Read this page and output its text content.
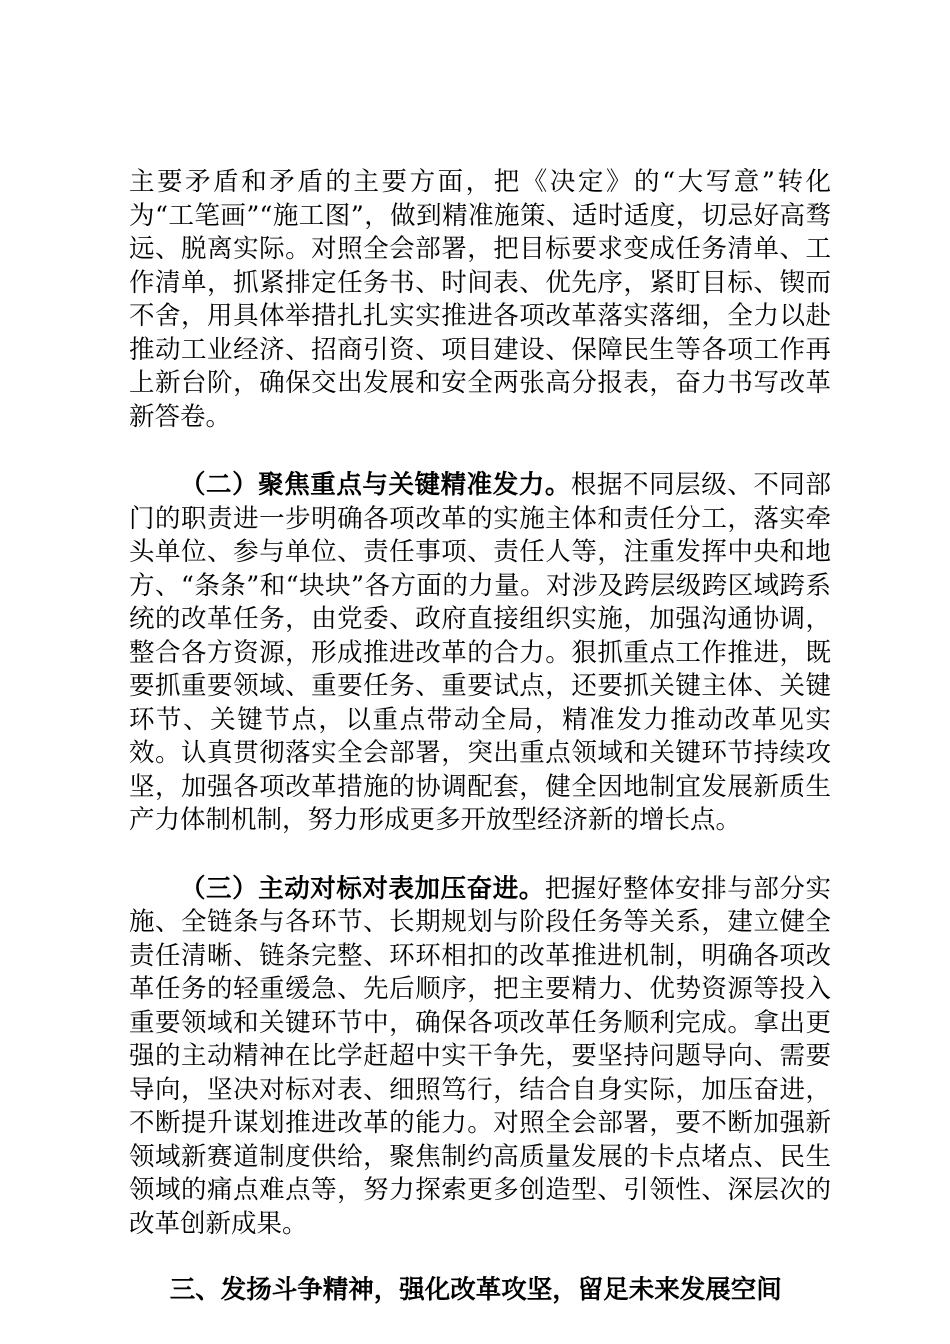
主要矛盾和矛盾的主要方面，把《决定》的“大写意”转化为“工笔画”“施工图”，做到精准施策、适时适度，切忌好高骛远、脱离实际。对照全会部署，把目标要求变成任务清单、工作清单，抓紧排定任务书、时间表、优先序，紧盯目标、锲而不舍，用具体举措扎扎实实推进各项改革落实落细，全力以赴推动工业经济、招商引资、项目建设、保障民生等各项工作再上新台阶，确保交出发展和安全两张高分报表，奋力书写改革新答卷。

（二）聚焦重点与关键精准发力。根据不同层级、不同部门的职责进一步明确各项改革的实施主体和责任分工，落实牵头单位、参与单位、责任事项、责任人等，注重发挥中央和地方、“条条”和“块块”各方面的力量。对涉及跨层级跨区域跨系统的改革任务，由党委、政府直接组织实施，加强沟通协调，整合各方资源，形成推进改革的合力。狠抓重点工作推进，既要抓重要领域、重要任务、重要试点，还要抓关键主体、关键环节、关键节点，以重点带动全局，精准发力推动改革见实效。认真贯彻落实全会部署，突出重点领域和关键环节持续攻坚，加强各项改革措施的协调配套，健全因地制宜发展新质生产力体制机制，努力形成更多开放型经济新的增长点。

（三）主动对标对表加压奋进。把握好整体安排与部分实施、全链条与各环节、长期规划与阶段任务等关系，建立健全责任清晰、链条完整、环环相扣的改革推进机制，明确各项改革任务的轻重缓急、先后顺序，把主要精力、优势资源等投入重要领域和关键环节中，确保各项改革任务顺利完成。拿出更强的主动精神在比学赶超中实干争先，要坚持问题导向、需要导向，坚决对标对表、细照笃行，结合自身实际，加压奋进，不断提升谋划推进改革的能力。对照全会部署，要不断加强新领域新赛道制度供给，聚焦制约高质量发展的卡点堵点、民生领域的痛点难点等，努力探索更多创造型、引领性、深层次的改革创新成果。

三、发扬斗争精神，强化改革攻坚，留足未来发展空间
